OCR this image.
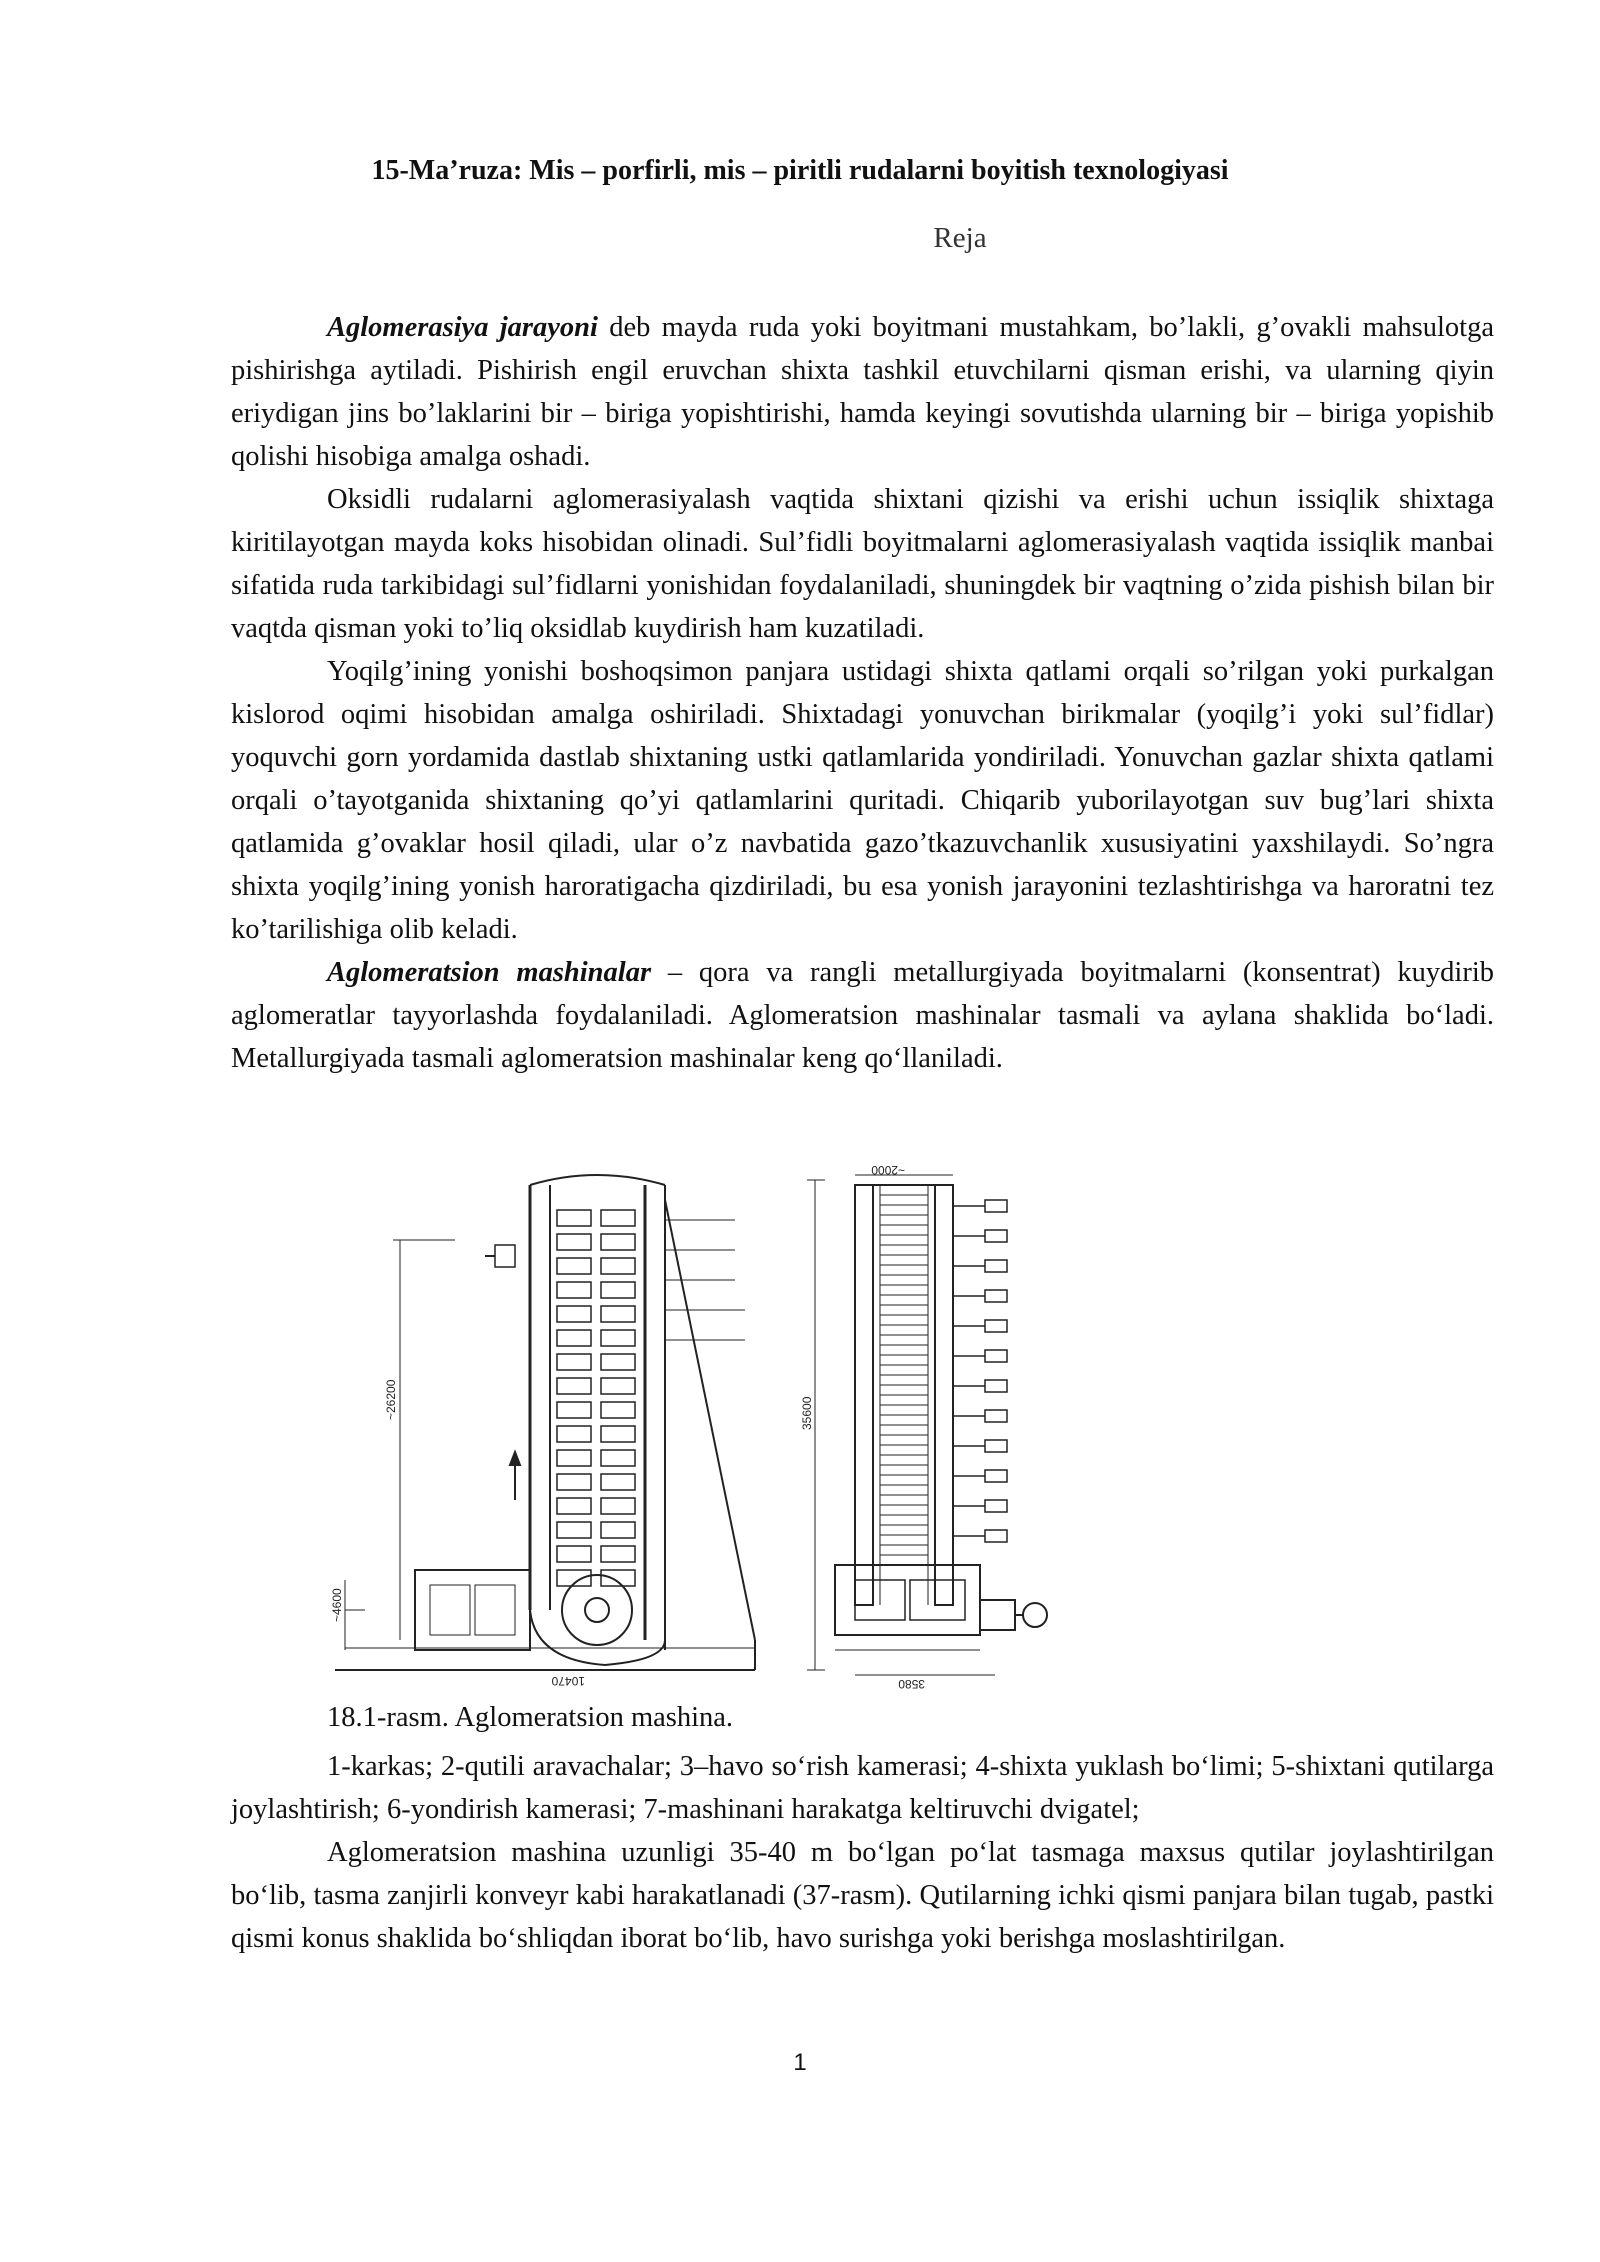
15-Ma’ruza: Mis – porfirli, mis – piritli rudalarni boyitish texnologiyasi
Reja

Aglomerasiya jarayoni deb mayda ruda yoki boyitmani mustahkam, bo’lakli, g’ovakli mahsulotga pishirishga aytiladi. Pishirish engil eruvchan shixta tashkil etuvchilarni qisman erishi, va ularning qiyin eriydigan jins bo’laklarini bir – biriga yopishtirishi, hamda keyingi sovutishda ularning bir – biriga yopishib qolishi hisobiga amalga oshadi.

Oksidli rudalarni aglomerasiyalash vaqtida shixtani qizishi va erishi uchun issiqlik shixtaga kiritilayotgan mayda koks hisobidan olinadi. Sul’fidli boyitmalarni aglomerasiyalash vaqtida issiqlik manbai sifatida ruda tarkibidagi sul’fidlarni yonishidan foydalaniladi, shuningdek bir vaqtning o’zida pishish bilan bir vaqtda qisman yoki to’liq oksidlab kuydirish ham kuzatiladi.

Yoqilg’ining yonishi boshoqsimon panjara ustidagi shixta qatlami orqali so’rilgan yoki purkalgan kislorod oqimi hisobidan amalga oshiriladi. Shixtadagi yonuvchan birikmalar (yoqilg’i yoki sul’fidlar) yoquvchi gorn yordamida dastlab shixtaning ustki qatlamlarida yondiriladi. Yonuvchan gazlar shixta qatlami orqali o’tayotganida shixtaning qo’yi qatlamlarini quritadi. Chiqarib yuborilayotgan suv bug’lari shixta qatlamida g’ovaklar hosil qiladi, ular o’z navbatida gazo’tkazuvchanlik xususiyatini yaxshilaydi. So’ngra shixta yoqilg’ining yonish haroratigacha qizdiriladi, bu esa yonish jarayonini tezlashtirishga va haroratni tez ko’tarilishiga olib keladi.

Aglomeratsion mashinalar – qora va rangli metallurgiyada boyitmalarni (konsentrat) kuydirib aglomeratlar tayyorlashda foydalaniladi. Aglomeratsion mashinalar tasmali va aylana shaklida bo‘ladi. Metallurgiyada tasmali aglomeratsion mashinalar keng qo‘llaniladi.

~26200
~4600
10470
35600
~2000
3580
18.1-rasm. Aglomeratsion mashina.

1-karkas; 2-qutili aravachalar; 3–havo so‘rish kamerasi; 4-shixta yuklash bo‘limi; 5-shixtani qutilarga joylashtirish; 6-yondirish kamerasi; 7-mashinani harakatga keltiruvchi dvigatel;

Aglomeratsion mashina uzunligi 35-40 m bo‘lgan po‘lat tasmaga maxsus qutilar joylashtirilgan bo‘lib, tasma zanjirli konveyr kabi harakatlanadi (37-rasm). Qutilarning ichki qismi panjara bilan tugab, pastki qismi konus shaklida bo‘shliqdan iborat bo‘lib, havo surishga yoki berishga moslashtirilgan.

1
